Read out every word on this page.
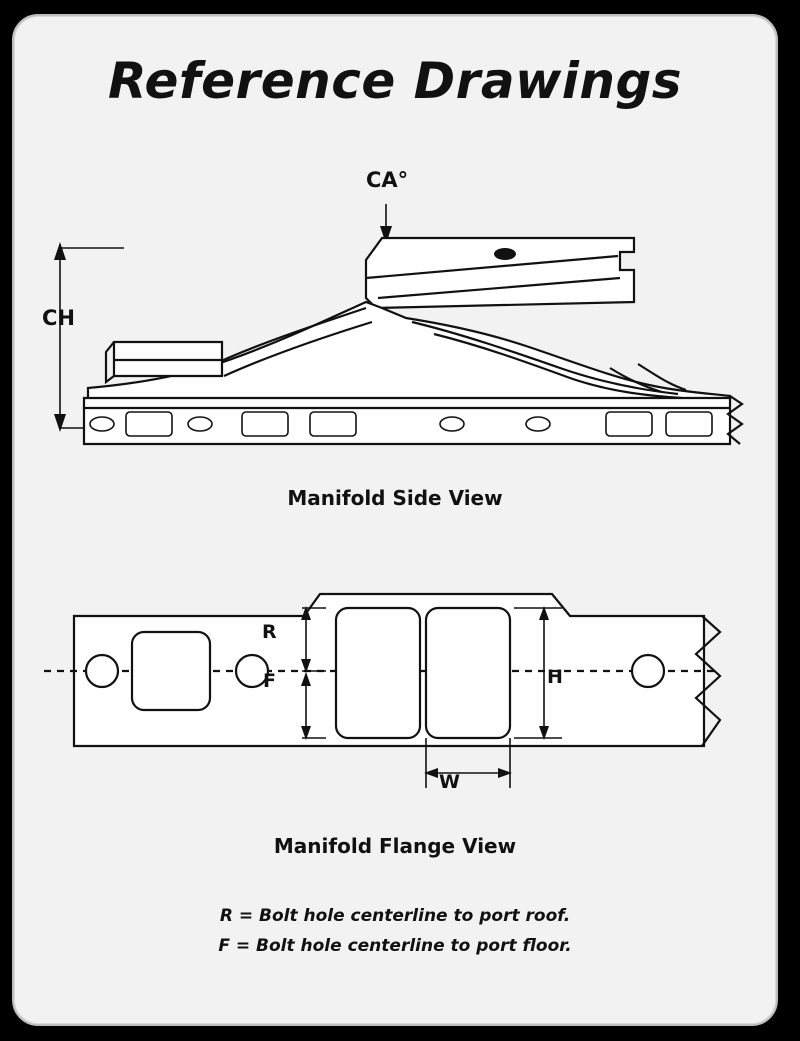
Reference Drawings
CA°
CH
Manifold Side View
R
F	H
W
Manifold Flange View
R = Bolt hole centerline to port roof.
F = Bolt hole centerline to port floor.
